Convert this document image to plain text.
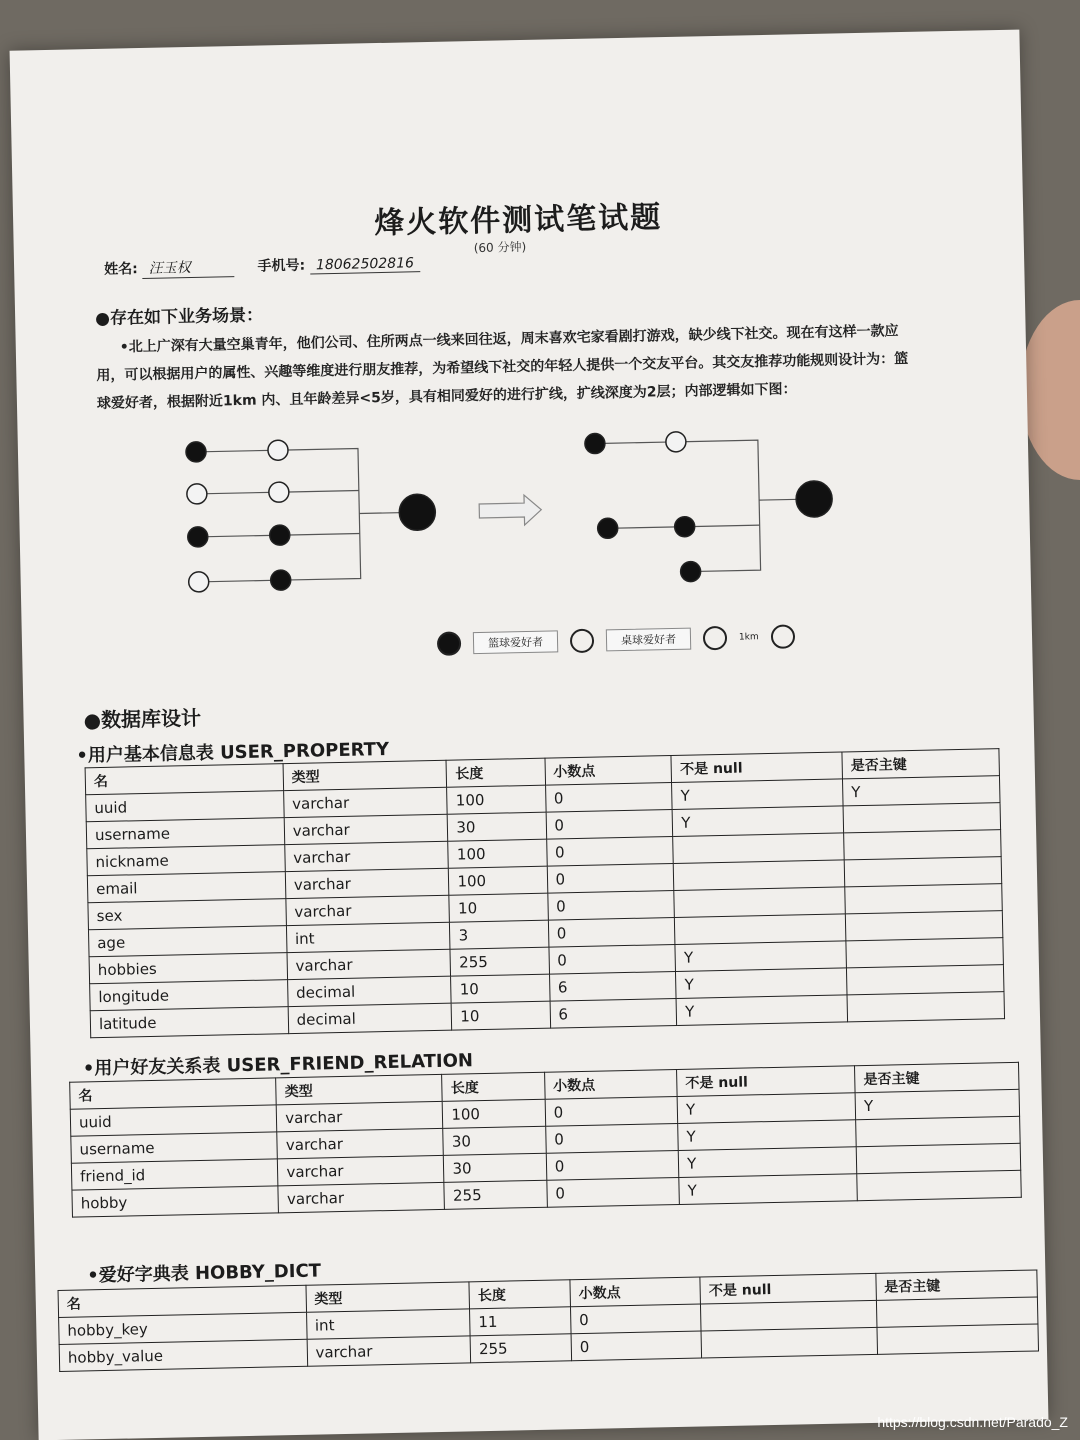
烽火软件测试笔试题
(60 分钟)
姓名: 汪玉权	手机号: 18062502816
●存在如下业务场景：
•北上广深有大量空巢青年，他们公司、住所两点一线来回往返，周末喜欢宅家看剧打游戏，缺少线下社交。现在有这样一款应用，可以根据用户的属性、兴趣等维度进行朋友推荐，为希望线下社交的年轻人提供一个交友平台。其交友推荐功能规则设计为：篮球爱好者，根据附近1km 内、且年龄差异<5岁，具有相同爱好的进行扩线，扩线深度为2层；内部逻辑如下图：
篮球爱好者	桌球爱好者	1km
●数据库设计
•用户基本信息表 USER_PROPERTY
名	类型	长度	小数点	不是 null	是否主键
uuid	varchar	100	0	Y	Y
username	varchar	30	0	Y	
nickname	varchar	100	0		
email	varchar	100	0		
sex	varchar	10	0		
age	int	3	0		
hobbies	varchar	255	0	Y	
longitude	decimal	10	6	Y	
latitude	decimal	10	6	Y	
•用户好友关系表 USER_FRIEND_RELATION
名	类型	长度	小数点	不是 null	是否主键
uuid	varchar	100	0	Y	Y
username	varchar	30	0	Y	
friend_id	varchar	30	0	Y	
hobby	varchar	255	0	Y	
•爱好字典表 HOBBY_DICT
名	类型	长度	小数点	不是 null	是否主键
hobby_key	int	11	0		
hobby_value	varchar	255	0		
https://blog.csdn.net/Parado_Z
